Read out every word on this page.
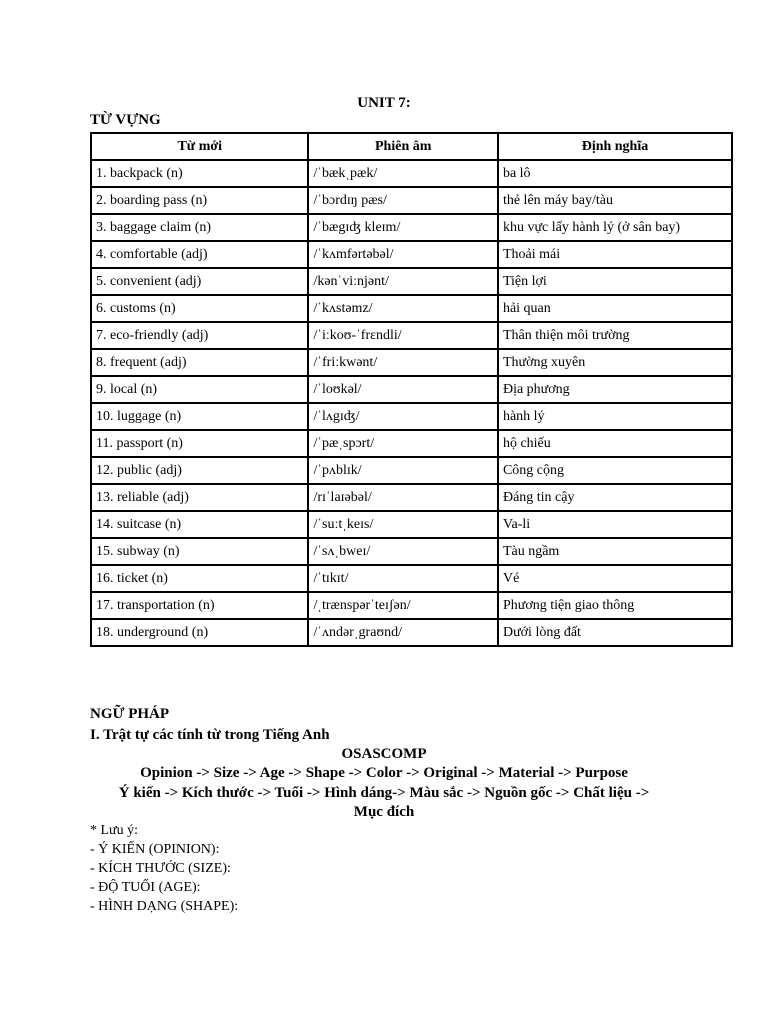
UNIT 7:
TỪ VỰNG
Từ mới	Phiên âm	Định nghĩa
1. backpack (n)	/ˈbækˌpæk/	ba lô
2. boarding pass (n)	/ˈbɔrdɪŋ pæs/	thẻ lên máy bay/tàu
3. baggage claim (n)	/ˈbægɪʤ kleɪm/	khu vực lấy hành lý (ở sân bay)
4. comfortable (adj)	/ˈkʌmfərtəbəl/	Thoải mái
5. convenient (adj)	/kənˈviːnjənt/	Tiện lợi
6. customs (n)	/ˈkʌstəmz/	hải quan
7. eco-friendly (adj)	/ˈiːkoʊ-ˈfrɛndli/	Thân thiện môi trường
8. frequent (adj)	/ˈfriːkwənt/	Thường xuyên
9. local (n)	/ˈloʊkəl/	Địa phương
10. luggage (n)	/ˈlʌgɪʤ/	hành lý
11. passport (n)	/ˈpæˌspɔrt/	hộ chiếu
12. public (adj)	/ˈpʌblɪk/	Công cộng
13. reliable (adj)	/rɪˈlaɪəbəl/	Đáng tin cậy
14. suitcase (n)	/ˈsuːtˌkeɪs/	Va-li
15. subway (n)	/ˈsʌˌbweɪ/	Tàu ngầm
16. ticket (n)	/ˈtɪkɪt/	Vé
17. transportation (n)	/ˌtrænspərˈteɪʃən/	Phương tiện giao thông
18. underground (n)	/ˈʌndərˌgraʊnd/	Dưới lòng đất
NGỮ PHÁP
I. Trật tự các tính từ trong Tiếng Anh
OSASCOMP
Opinion -> Size -> Age -> Shape -> Color -> Original -> Material -> Purpose
Ý kiến -> Kích thước -> Tuổi -> Hình dáng-> Màu sắc -> Nguồn gốc -> Chất liệu ->
Mục đích
* Lưu ý:
- Ý KIẾN (OPINION):
- KÍCH THƯỚC (SIZE):
- ĐỘ TUỔI (AGE):
- HÌNH DẠNG (SHAPE):
